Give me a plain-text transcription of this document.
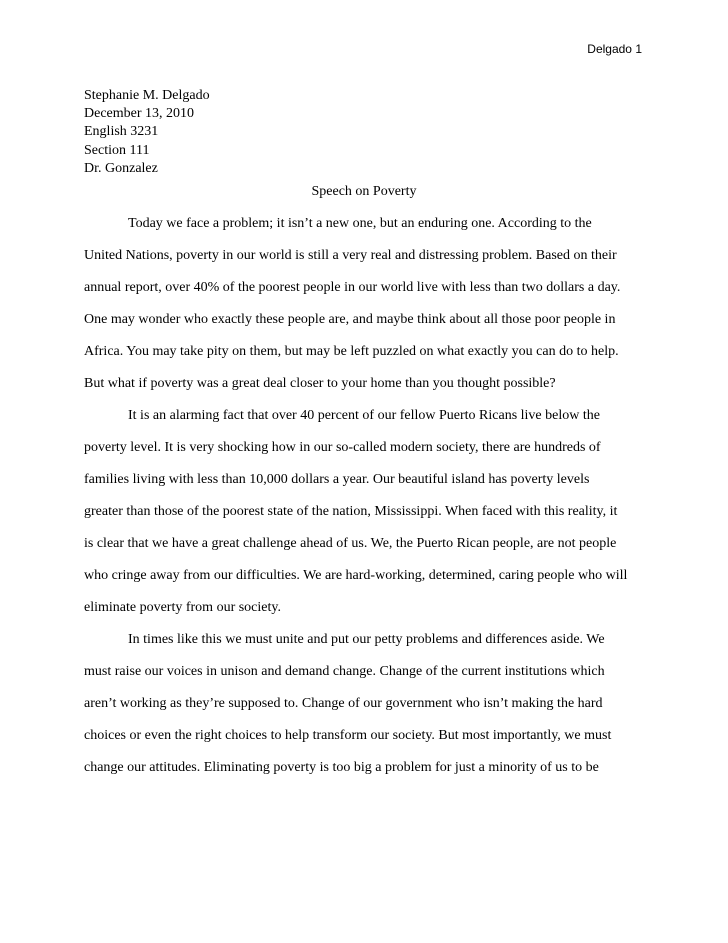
Delgado 1
Stephanie M. Delgado
December 13, 2010
English 3231
Section 111
Dr. Gonzalez
Speech on Poverty
Today we face a problem; it isn’t a new one, but an enduring one. According to the
United Nations, poverty in our world is still a very real and distressing problem. Based on their
annual report, over 40% of the poorest people in our world live with less than two dollars a day.
One may wonder who exactly these people are, and maybe think about all those poor people in
Africa. You may take pity on them, but may be left puzzled on what exactly you can do to help.
But what if poverty was a great deal closer to your home than you thought possible?
It is an alarming fact that over 40 percent of our fellow Puerto Ricans live below the
poverty level. It is very shocking how in our so-called modern society, there are hundreds of
families living with less than 10,000 dollars a year. Our beautiful island has poverty levels
greater than those of the poorest state of the nation, Mississippi. When faced with this reality, it
is clear that we have a great challenge ahead of us. We, the Puerto Rican people, are not people
who cringe away from our difficulties. We are hard-working, determined, caring people who will
eliminate poverty from our society.
In times like this we must unite and put our petty problems and differences aside. We
must raise our voices in unison and demand change. Change of the current institutions which
aren’t working as they’re supposed to. Change of our government who isn’t making the hard
choices or even the right choices to help transform our society. But most importantly, we must
change our attitudes. Eliminating poverty is too big a problem for just a minority of us to be
